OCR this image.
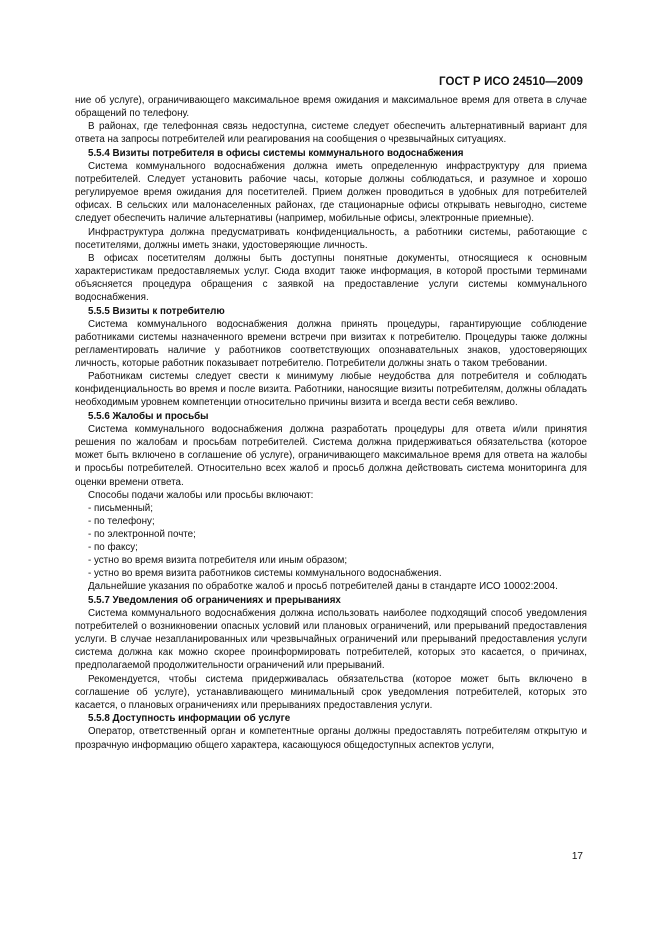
ГОСТ Р ИСО 24510—2009

ние об услуге), ограничивающего максимальное время ожидания и максимальное время для ответа в случае обращений по телефону.

В районах, где телефонная связь недоступна, системе следует обеспечить альтернативный вариант для ответа на запросы потребителей или реагирования на сообщения о чрезвычайных ситуациях.

5.5.4 Визиты потребителя в офисы системы коммунального водоснабжения

Система коммунального водоснабжения должна иметь определенную инфраструктуру для приема потребителей. Следует установить рабочие часы, которые должны соблюдаться, и разумное и хорошо регулируемое время ожидания для посетителей. Прием должен проводиться в удобных для потребителей офисах. В сельских или малонаселенных районах, где стационарные офисы открывать невыгодно, системе следует обеспечить наличие альтернативы (например, мобильные офисы, электронные приемные).

Инфраструктура должна предусматривать конфиденциальность, а работники системы, работающие с посетителями, должны иметь знаки, удостоверяющие личность.

В офисах посетителям должны быть доступны понятные документы, относящиеся к основным характеристикам предоставляемых услуг. Сюда входит также информация, в которой простыми терминами объясняется процедура обращения с заявкой на предоставление услуги системы коммунального водоснабжения.

5.5.5 Визиты к потребителю

Система коммунального водоснабжения должна принять процедуры, гарантирующие соблюдение работниками системы назначенного времени встречи при визитах к потребителю. Процедуры также должны регламентировать наличие у работников соответствующих опознавательных знаков, удостоверяющих личность, которые работник показывает потребителю. Потребители должны знать о таком требовании.

Работникам системы следует свести к минимуму любые неудобства для потребителя и соблюдать конфиденциальность во время и после визита. Работники, наносящие визиты потребителям, должны обладать необходимым уровнем компетенции относительно причины визита и всегда вести себя вежливо.

5.5.6 Жалобы и просьбы

Система коммунального водоснабжения должна разработать процедуры для ответа и/или принятия решения по жалобам и просьбам потребителей. Система должна придерживаться обязательства (которое может быть включено в соглашение об услуге), ограничивающего максимальное время для ответа на жалобы и просьбы потребителей. Относительно всех жалоб и просьб должна действовать система мониторинга для оценки времени ответа.

Способы подачи жалобы или просьбы включают:

- письменный;
- по телефону;
- по электронной почте;
- по факсу;
- устно во время визита потребителя или иным образом;
- устно во время визита работников системы коммунального водоснабжения.

Дальнейшие указания по обработке жалоб и просьб потребителей даны в стандарте ИСО 10002:2004.

5.5.7 Уведомления об ограничениях и прерываниях

Система коммунального водоснабжения должна использовать наиболее подходящий способ уведомления потребителей о возникновении опасных условий или плановых ограничений, или прерываний предоставления услуги. В случае незапланированных или чрезвычайных ограничений или прерываний предоставления услуги система должна как можно скорее проинформировать потребителей, которых это касается, о причинах, предполагаемой продолжительности ограничений или прерываний.

Рекомендуется, чтобы система придерживалась обязательства (которое может быть включено в соглашение об услуге), устанавливающего минимальный срок уведомления потребителей, которых это касается, о плановых ограничениях или прерываниях предоставления услуги.

5.5.8 Доступность информации об услуге

Оператор, ответственный орган и компетентные органы должны предоставлять потребителям открытую и прозрачную информацию общего характера, касающуюся общедоступных аспектов услуги,

17
